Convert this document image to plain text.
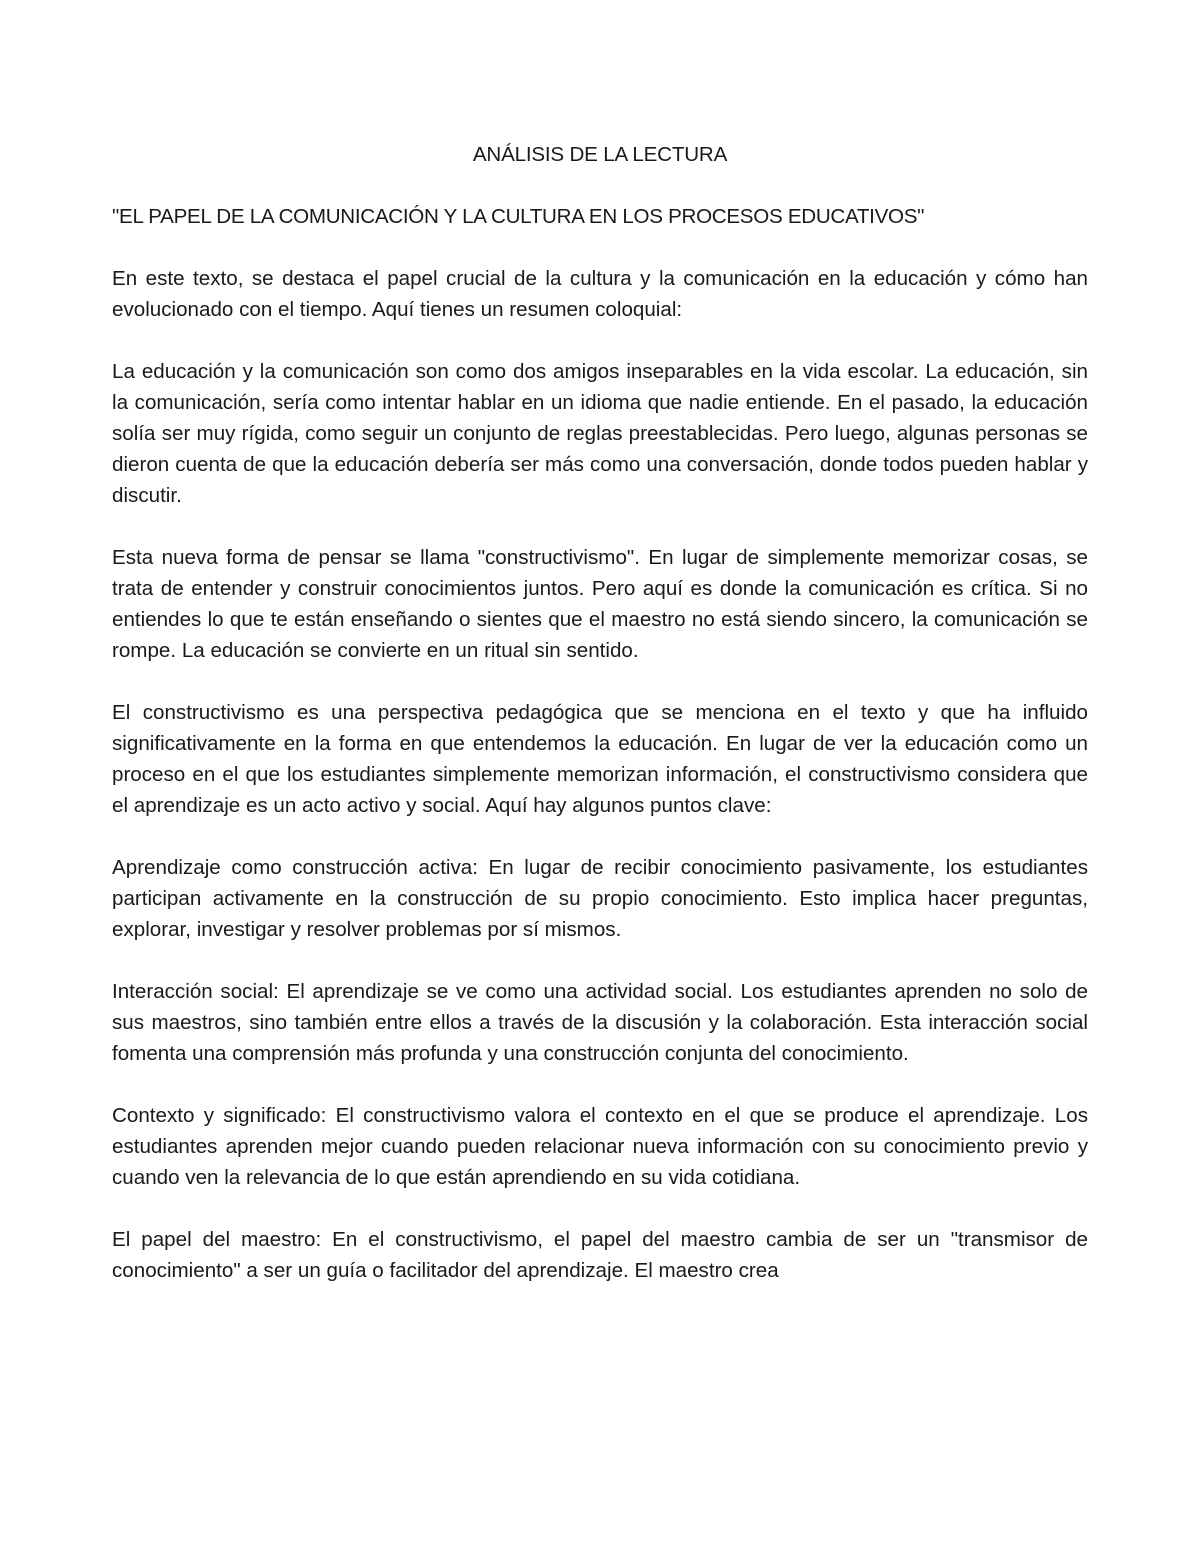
ANÁLISIS DE LA LECTURA
"EL PAPEL DE LA COMUNICACIÓN Y LA CULTURA EN LOS PROCESOS EDUCATIVOS"

En este texto, se destaca el papel crucial de la cultura y la comunicación en la educación y cómo han evolucionado con el tiempo. Aquí tienes un resumen coloquial:

La educación y la comunicación son como dos amigos inseparables en la vida escolar. La educación, sin la comunicación, sería como intentar hablar en un idioma que nadie entiende. En el pasado, la educación solía ser muy rígida, como seguir un conjunto de reglas preestablecidas. Pero luego, algunas personas se dieron cuenta de que la educación debería ser más como una conversación, donde todos pueden hablar y discutir.

Esta nueva forma de pensar se llama "constructivismo". En lugar de simplemente memorizar cosas, se trata de entender y construir conocimientos juntos. Pero aquí es donde la comunicación es crítica. Si no entiendes lo que te están enseñando o sientes que el maestro no está siendo sincero, la comunicación se rompe. La educación se convierte en un ritual sin sentido.

El constructivismo es una perspectiva pedagógica que se menciona en el texto y que ha influido significativamente en la forma en que entendemos la educación. En lugar de ver la educación como un proceso en el que los estudiantes simplemente memorizan información, el constructivismo considera que el aprendizaje es un acto activo y social. Aquí hay algunos puntos clave:

Aprendizaje como construcción activa: En lugar de recibir conocimiento pasivamente, los estudiantes participan activamente en la construcción de su propio conocimiento. Esto implica hacer preguntas, explorar, investigar y resolver problemas por sí mismos.

Interacción social: El aprendizaje se ve como una actividad social. Los estudiantes aprenden no solo de sus maestros, sino también entre ellos a través de la discusión y la colaboración. Esta interacción social fomenta una comprensión más profunda y una construcción conjunta del conocimiento.

Contexto y significado: El constructivismo valora el contexto en el que se produce el aprendizaje. Los estudiantes aprenden mejor cuando pueden relacionar nueva información con su conocimiento previo y cuando ven la relevancia de lo que están aprendiendo en su vida cotidiana.

El papel del maestro: En el constructivismo, el papel del maestro cambia de ser un "transmisor de conocimiento" a ser un guía o facilitador del aprendizaje. El maestro crea
